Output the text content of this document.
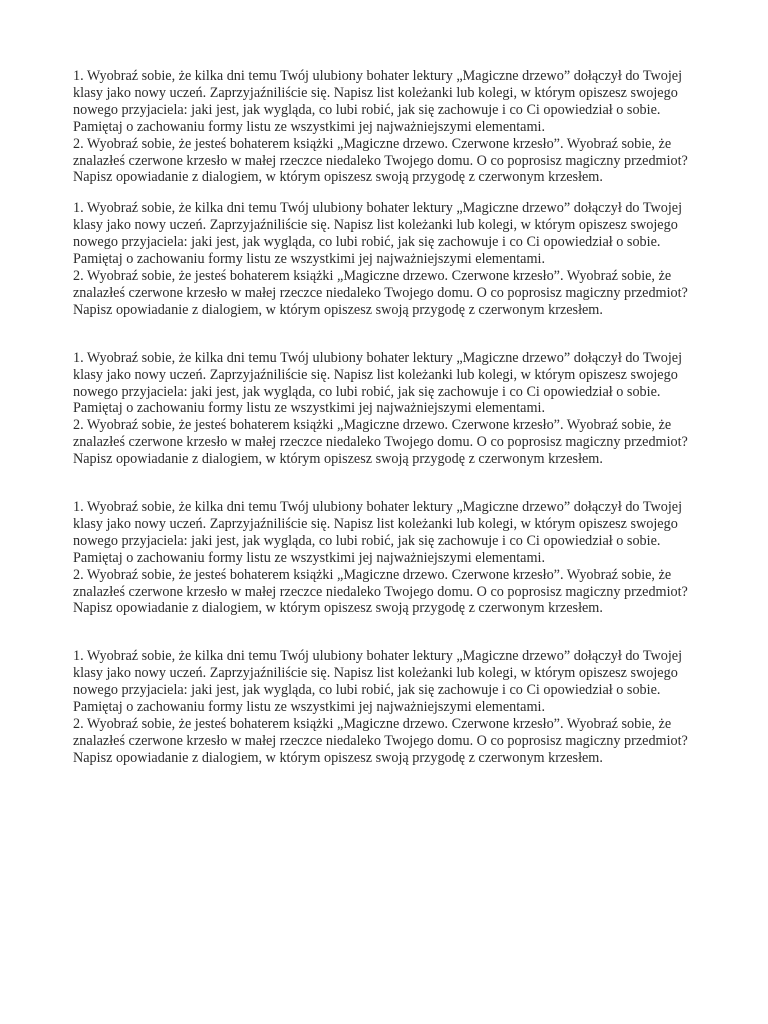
1. Wyobraź sobie, że kilka dni temu Twój ulubiony bohater lektury „Magiczne drzewo” dołączył do Twojej klasy jako nowy uczeń. Zaprzyjaźniliście się. Napisz list koleżanki lub kolegi, w którym opiszesz swojego nowego przyjaciela: jaki jest, jak wygląda, co lubi robić, jak się zachowuje i co Ci opowiedział o sobie. Pamiętaj o zachowaniu formy listu ze wszystkimi jej najważniejszymi elementami.

2. Wyobraź sobie, że jesteś bohaterem książki „Magiczne drzewo. Czerwone krzesło”. Wyobraź sobie, że znalazłeś czerwone krzesło w małej rzeczce niedaleko Twojego domu. O co poprosisz magiczny przedmiot? Napisz opowiadanie z dialogiem, w którym opiszesz swoją przygodę z czerwonym krzesłem.

1. Wyobraź sobie, że kilka dni temu Twój ulubiony bohater lektury „Magiczne drzewo” dołączył do Twojej klasy jako nowy uczeń. Zaprzyjaźniliście się. Napisz list koleżanki lub kolegi, w którym opiszesz swojego nowego przyjaciela: jaki jest, jak wygląda, co lubi robić, jak się zachowuje i co Ci opowiedział o sobie. Pamiętaj o zachowaniu formy listu ze wszystkimi jej najważniejszymi elementami.

2. Wyobraź sobie, że jesteś bohaterem książki „Magiczne drzewo. Czerwone krzesło”. Wyobraź sobie, że znalazłeś czerwone krzesło w małej rzeczce niedaleko Twojego domu. O co poprosisz magiczny przedmiot? Napisz opowiadanie z dialogiem, w którym opiszesz swoją przygodę z czerwonym krzesłem.

1. Wyobraź sobie, że kilka dni temu Twój ulubiony bohater lektury „Magiczne drzewo” dołączył do Twojej klasy jako nowy uczeń. Zaprzyjaźniliście się. Napisz list koleżanki lub kolegi, w którym opiszesz swojego nowego przyjaciela: jaki jest, jak wygląda, co lubi robić, jak się zachowuje i co Ci opowiedział o sobie. Pamiętaj o zachowaniu formy listu ze wszystkimi jej najważniejszymi elementami.

2. Wyobraź sobie, że jesteś bohaterem książki „Magiczne drzewo. Czerwone krzesło”. Wyobraź sobie, że znalazłeś czerwone krzesło w małej rzeczce niedaleko Twojego domu. O co poprosisz magiczny przedmiot? Napisz opowiadanie z dialogiem, w którym opiszesz swoją przygodę z czerwonym krzesłem.

1. Wyobraź sobie, że kilka dni temu Twój ulubiony bohater lektury „Magiczne drzewo” dołączył do Twojej klasy jako nowy uczeń. Zaprzyjaźniliście się. Napisz list koleżanki lub kolegi, w którym opiszesz swojego nowego przyjaciela: jaki jest, jak wygląda, co lubi robić, jak się zachowuje i co Ci opowiedział o sobie. Pamiętaj o zachowaniu formy listu ze wszystkimi jej najważniejszymi elementami.

2. Wyobraź sobie, że jesteś bohaterem książki „Magiczne drzewo. Czerwone krzesło”. Wyobraź sobie, że znalazłeś czerwone krzesło w małej rzeczce niedaleko Twojego domu. O co poprosisz magiczny przedmiot? Napisz opowiadanie z dialogiem, w którym opiszesz swoją przygodę z czerwonym krzesłem.

1. Wyobraź sobie, że kilka dni temu Twój ulubiony bohater lektury „Magiczne drzewo” dołączył do Twojej klasy jako nowy uczeń. Zaprzyjaźniliście się. Napisz list koleżanki lub kolegi, w którym opiszesz swojego nowego przyjaciela: jaki jest, jak wygląda, co lubi robić, jak się zachowuje i co Ci opowiedział o sobie. Pamiętaj o zachowaniu formy listu ze wszystkimi jej najważniejszymi elementami.

2. Wyobraź sobie, że jesteś bohaterem książki „Magiczne drzewo. Czerwone krzesło”. Wyobraź sobie, że znalazłeś czerwone krzesło w małej rzeczce niedaleko Twojego domu. O co poprosisz magiczny przedmiot? Napisz opowiadanie z dialogiem, w którym opiszesz swoją przygodę z czerwonym krzesłem.
